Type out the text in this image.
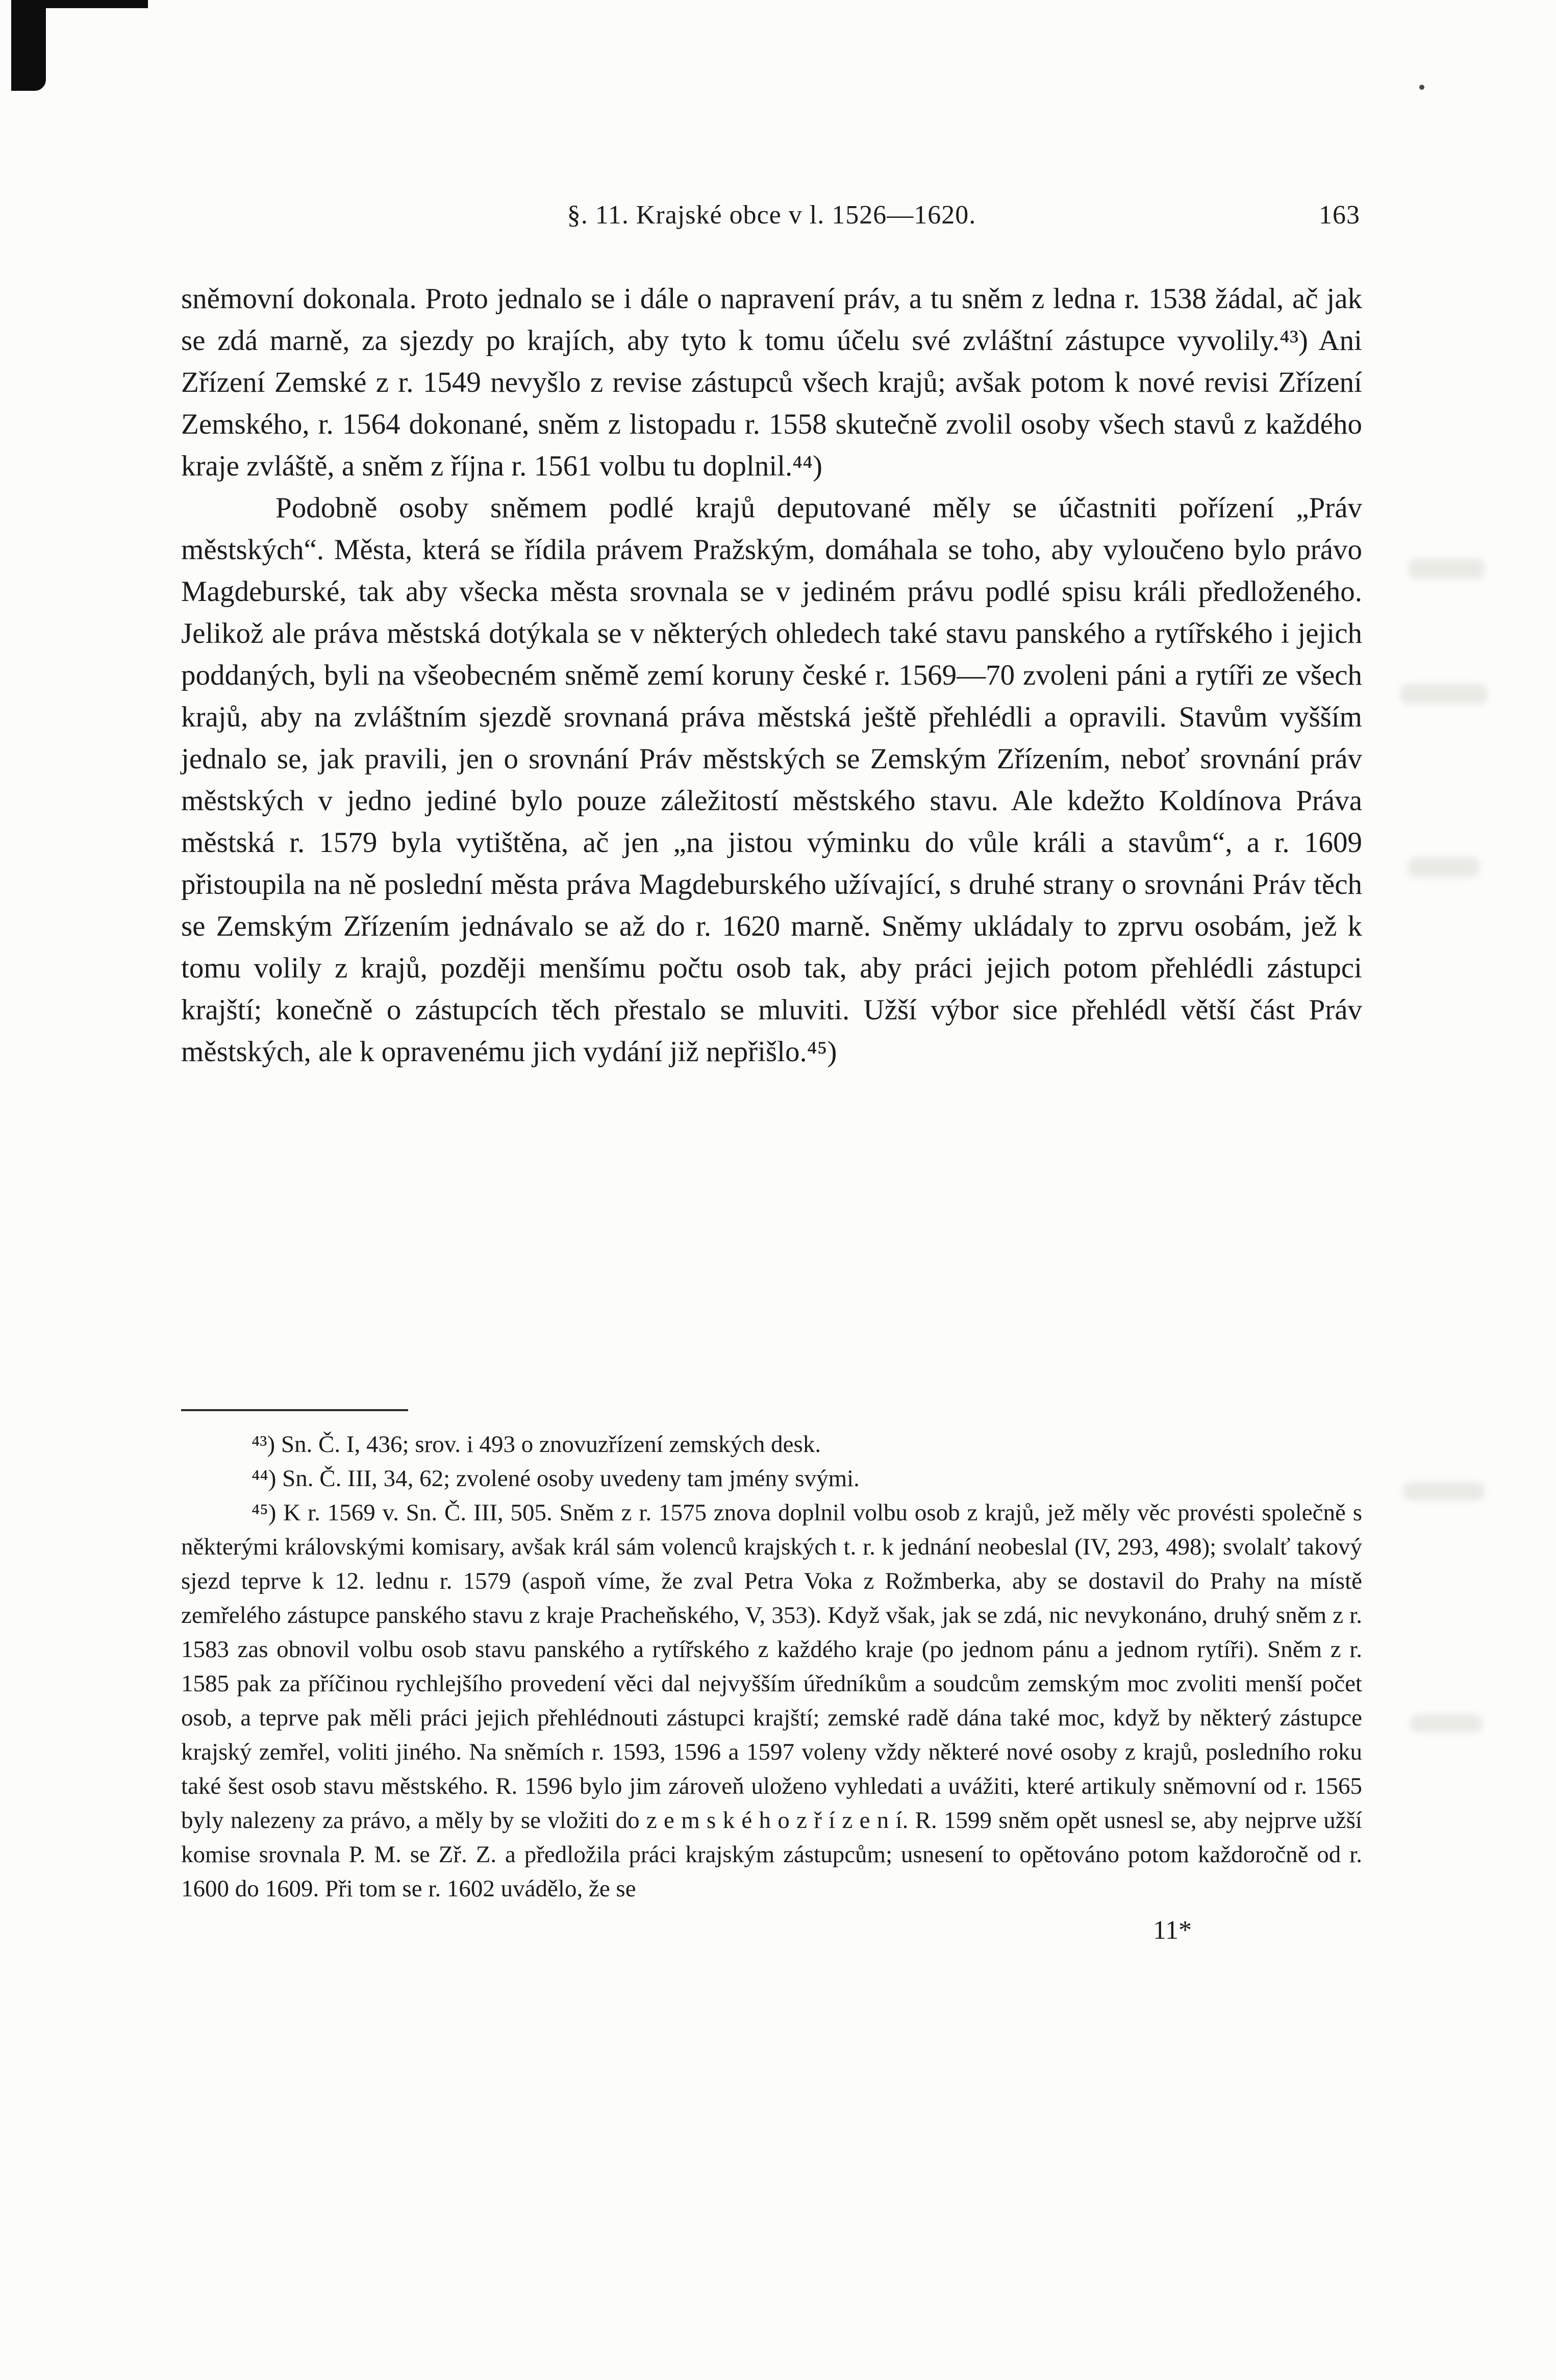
§. 11. Krajské obce v l. 1526—1620.	163

sněmovní dokonala. Proto jednalo se i dále o napravení práv, a tu sněm z ledna r. 1538 žádal, ač jak se zdá marně, za sjezdy po krajích, aby tyto k tomu účelu své zvláštní zástupce vyvolily.⁴³) Ani Zřízení Zemské z r. 1549 nevyšlo z revise zástupců všech krajů; avšak potom k nové revisi Zřízení Zemského, r. 1564 dokonané, sněm z listopadu r. 1558 skutečně zvolil osoby všech stavů z každého kraje zvláště, a sněm z října r. 1561 volbu tu doplnil.⁴⁴)

Podobně osoby sněmem podlé krajů deputované měly se účastniti pořízení „Práv městských“. Města, která se řídila právem Pražským, domáhala se toho, aby vyloučeno bylo právo Magdeburské, tak aby všecka města srovnala se v jediném právu podlé spisu králi předloženého. Jelikož ale práva městská dotýkala se v některých ohledech také stavu panského a rytířského i jejich poddaných, byli na všeobecném sněmě zemí koruny české r. 1569—70 zvoleni páni a rytíři ze všech krajů, aby na zvláštním sjezdě srovnaná práva městská ještě přehlédli a opravili. Stavům vyšším jednalo se, jak pravili, jen o srovnání Práv městských se Zemským Zřízením, neboť srovnání práv městských v jedno jediné bylo pouze záležitostí městského stavu. Ale kdežto Koldínova Práva městská r. 1579 byla vytištěna, ač jen „na jistou výminku do vůle králi a stavům“, a r. 1609 přistoupila na ně poslední města práva Magdeburského užívající, s druhé strany o srovnáni Práv těch se Zemským Zřízením jednávalo se až do r. 1620 marně. Sněmy ukládaly to zprvu osobám, jež k tomu volily z krajů, později menšímu počtu osob tak, aby práci jejich potom přehlédli zástupci krajští; konečně o zástupcích těch přestalo se mluviti. Užší výbor sice přehlédl větší část Práv městských, ale k opravenému jich vydání již nepřišlo.⁴⁵)

⁴³) Sn. Č. I, 436; srov. i 493 o znovuzřízení zemských desk.

⁴⁴) Sn. Č. III, 34, 62; zvolené osoby uvedeny tam jmény svými.

⁴⁵) K r. 1569 v. Sn. Č. III, 505. Sněm z r. 1575 znova doplnil volbu osob z krajů, jež měly věc provésti společně s některými královskými komisary, avšak král sám volenců krajských t. r. k jednání neobeslal (IV, 293, 498); svolalť takový sjezd teprve k 12. lednu r. 1579 (aspoň víme, že zval Petra Voka z Rožmberka, aby se dostavil do Prahy na místě zemřelého zástupce panského stavu z kraje Pracheňského, V, 353). Když však, jak se zdá, nic nevykonáno, druhý sněm z r. 1583 zas obnovil volbu osob stavu panského a rytířského z každého kraje (po jednom pánu a jednom rytíři). Sněm z r. 1585 pak za příčinou rychlejšího provedení věci dal nejvyšším úředníkům a soudcům zemským moc zvoliti menší počet osob, a teprve pak měli práci jejich přehlédnouti zástupci krajští; zemské radě dána také moc, když by některý zástupce krajský zemřel, voliti jiného. Na sněmích r. 1593, 1596 a 1597 voleny vždy některé nové osoby z krajů, posledního roku také šest osob stavu městského. R. 1596 bylo jim zároveň uloženo vyhledati a uvážiti, které artikuly sněmovní od r. 1565 byly nalezeny za právo, a měly by se vložiti do z e m s k é h o z ř í z e n í. R. 1599 sněm opět usnesl se, aby nejprve užší komise srovnala P. M. se Zř. Z. a předložila práci krajským zástupcům; usnesení to opětováno potom každoročně od r. 1600 do 1609. Při tom se r. 1602 uvádělo, že se

11*
